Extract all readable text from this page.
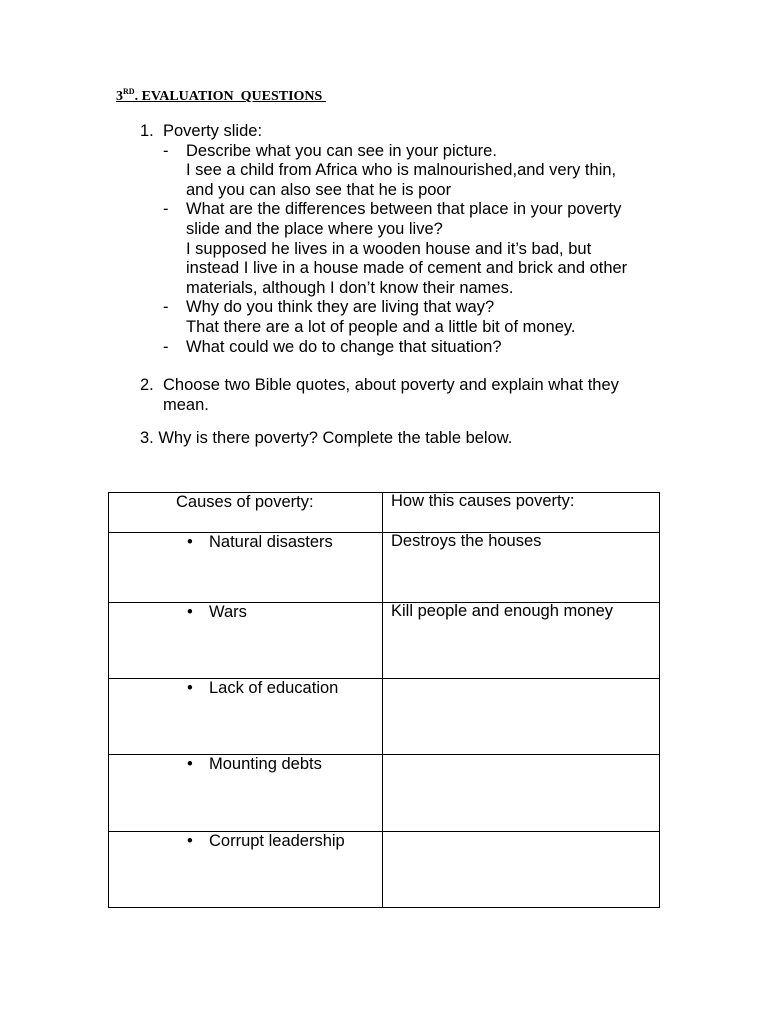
3RD. EVALUATION  QUESTIONS
1. Poverty slide:
- Describe what you can see in your picture.
I see a child from Africa who is malnourished,and very thin, and you can also see that he is poor
- What are the differences between that place in your poverty slide and the place where you live?
I supposed he lives in a wooden house and it’s bad, but instead I live in a house made of cement and brick and other materials, although I don’t know their names.
- Why do you think they are living that way?
That there are a lot of people and a little bit of money.
- What could we do to change that situation?
2. Choose two Bible quotes, about poverty and explain what they mean.
3. Why is there poverty? Complete the table below.
Causes of poverty:	How this causes poverty:

• Natural disasters	Destroys the houses

• Wars	Kill people and enough money

• Lack of education	

• Mounting debts	

• Corrupt leadership	
